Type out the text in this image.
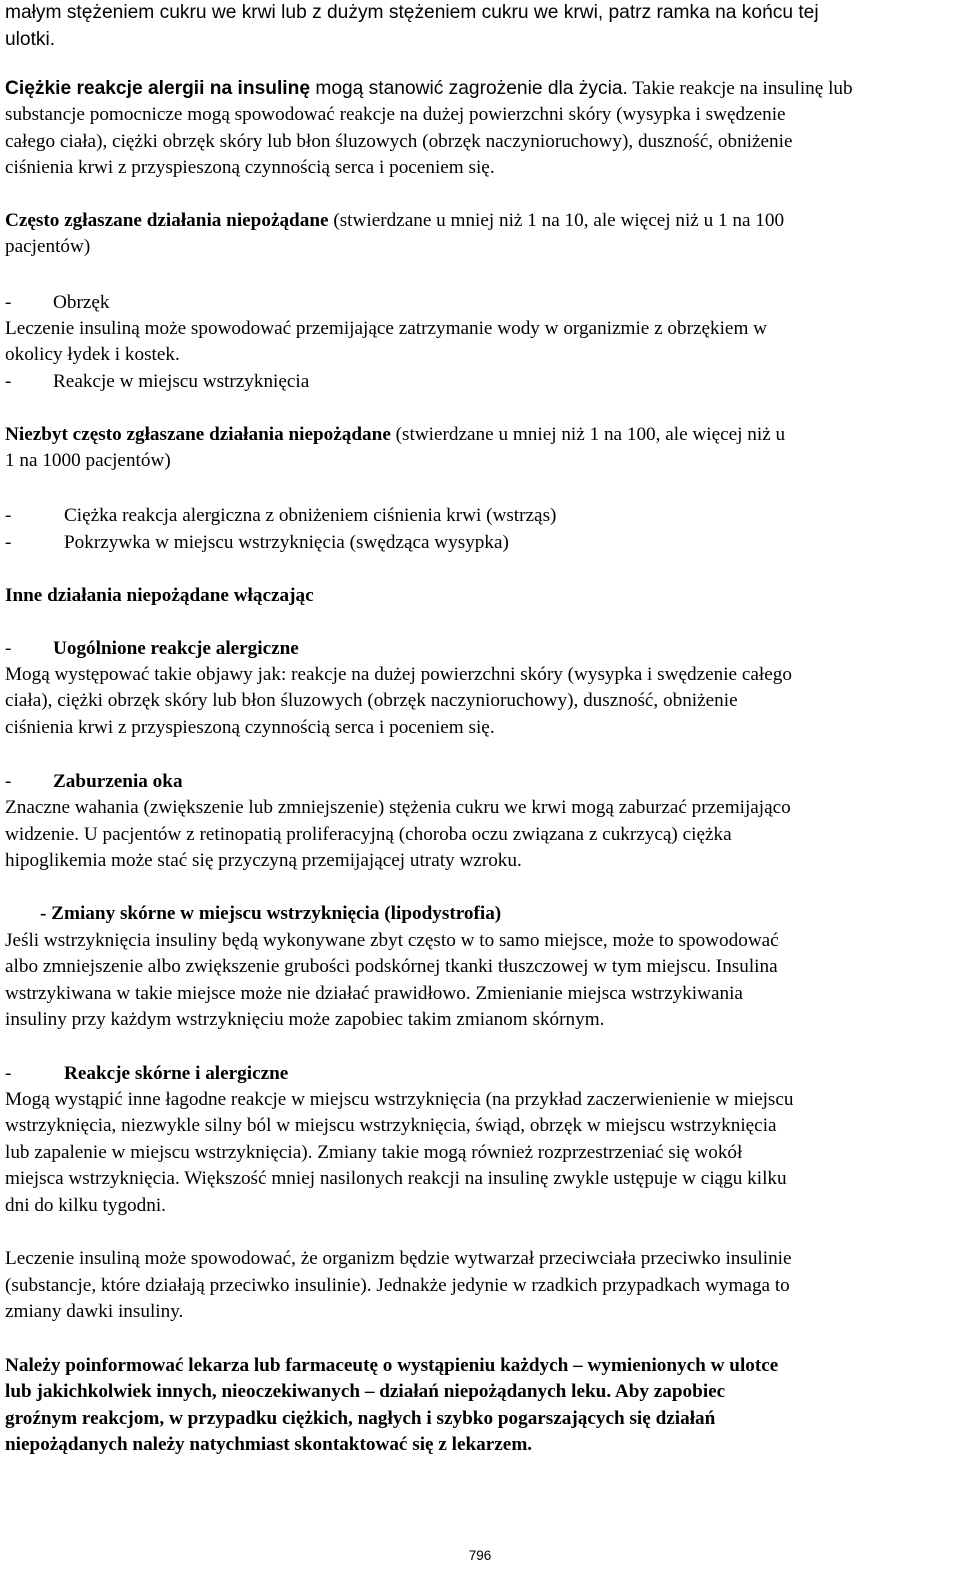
małym stężeniem cukru we krwi lub z dużym stężeniem cukru we krwi, patrz ramka na końcu tej
ulotki.
Ciężkie reakcje alergii na insulinę mogą stanowić zagrożenie dla życia. Takie reakcje na insulinę lub
substancje pomocnicze mogą spowodować reakcje na dużej powierzchni skóry (wysypka i swędzenie
całego ciała), ciężki obrzęk skóry lub błon śluzowych (obrzęk naczynioruchowy), duszność, obniżenie
ciśnienia krwi z przyspieszoną czynnością serca i poceniem się.
Często zgłaszane działania niepożądane (stwierdzane u mniej niż 1 na 10, ale więcej niż u 1 na 100
pacjentów)
- Obrzęk
Leczenie insuliną może spowodować przemijające zatrzymanie wody w organizmie z obrzękiem w
okolicy łydek i kostek.
- Reakcje w miejscu wstrzyknięcia
Niezbyt często zgłaszane działania niepożądane (stwierdzane u mniej niż 1 na 100, ale więcej niż u
1 na 1000 pacjentów)
-	Ciężka reakcja alergiczna z obniżeniem ciśnienia krwi (wstrząs)
-	Pokrzywka w miejscu wstrzyknięcia (swędząca wysypka)
Inne działania niepożądane włączając
- Uogólnione reakcje alergiczne
Mogą występować takie objawy jak: reakcje na dużej powierzchni skóry (wysypka i swędzenie całego
ciała), ciężki obrzęk skóry lub błon śluzowych (obrzęk naczynioruchowy), duszność, obniżenie
ciśnienia krwi z przyspieszoną czynnością serca i poceniem się.
- Zaburzenia oka
Znaczne wahania (zwiększenie lub zmniejszenie) stężenia cukru we krwi mogą zaburzać przemijająco
widzenie. U pacjentów z retinopatią proliferacyjną (choroba oczu związana z cukrzycą) ciężka
hipoglikemia może stać się przyczyną przemijającej utraty wzroku.
- Zmiany skórne w miejscu wstrzyknięcia (lipodystrofia)
Jeśli wstrzyknięcia insuliny będą wykonywane zbyt często w to samo miejsce, może to spowodować
albo zmniejszenie albo zwiększenie grubości podskórnej tkanki tłuszczowej w tym miejscu. Insulina
wstrzykiwana w takie miejsce może nie działać prawidłowo. Zmienianie miejsca wstrzykiwania
insuliny przy każdym wstrzyknięciu może zapobiec takim zmianom skórnym.
-	Reakcje skórne i alergiczne
Mogą wystąpić inne łagodne reakcje w miejscu wstrzyknięcia (na przykład zaczerwienienie w miejscu
wstrzyknięcia, niezwykle silny ból w miejscu wstrzyknięcia, świąd, obrzęk w miejscu wstrzyknięcia
lub zapalenie w miejscu wstrzyknięcia). Zmiany takie mogą również rozprzestrzeniać się wokół
miejsca wstrzyknięcia. Większość mniej nasilonych reakcji na insulinę zwykle ustępuje w ciągu kilku
dni do kilku tygodni.
Leczenie insuliną może spowodować, że organizm będzie wytwarzał przeciwciała przeciwko insulinie
(substancje, które działają przeciwko insulinie). Jednakże jedynie w rzadkich przypadkach wymaga to
zmiany dawki insuliny.
Należy poinformować lekarza lub farmaceutę o wystąpieniu każdych – wymienionych w ulotce
lub jakichkolwiek innych, nieoczekiwanych – działań niepożądanych leku. Aby zapobiec
groźnym reakcjom, w przypadku ciężkich, nagłych i szybko pogarszających się działań
niepożądanych należy natychmiast skontaktować się z lekarzem.
796
